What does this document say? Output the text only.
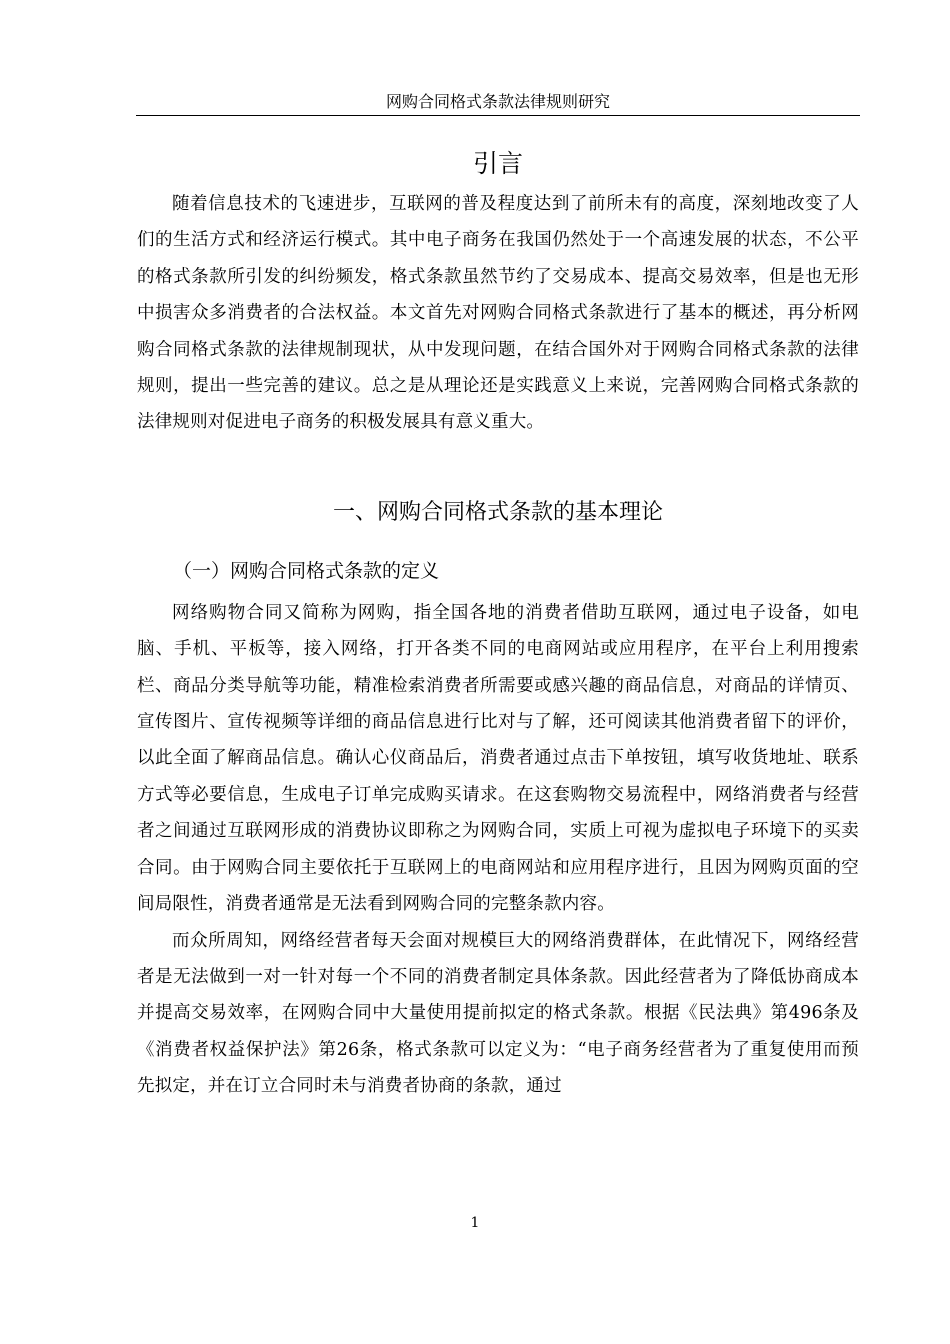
网购合同格式条款法律规则研究
引言

随着信息技术的飞速进步，互联网的普及程度达到了前所未有的高度，深刻地改变了人们的生活方式和经济运行模式。其中电子商务在我国仍然处于一个高速发展的状态，不公平的格式条款所引发的纠纷频发，格式条款虽然节约了交易成本、提高交易效率，但是也无形中损害众多消费者的合法权益。本文首先对网购合同格式条款进行了基本的概述，再分析网购合同格式条款的法律规制现状，从中发现问题，在结合国外对于网购合同格式条款的法律规则，提出一些完善的建议。总之是从理论还是实践意义上来说，完善网购合同格式条款的法律规则对促进电子商务的积极发展具有意义重大。

一、网购合同格式条款的基本理论
（一）网购合同格式条款的定义

网络购物合同又简称为网购，指全国各地的消费者借助互联网，通过电子设备，如电脑、手机、平板等，接入网络，打开各类不同的电商网站或应用程序，在平台上利用搜索栏、商品分类导航等功能，精准检索消费者所需要或感兴趣的商品信息，对商品的详情页、宣传图片、宣传视频等详细的商品信息进行比对与了解，还可阅读其他消费者留下的评价，以此全面了解商品信息。确认心仪商品后，消费者通过点击下单按钮，填写收货地址、联系方式等必要信息，生成电子订单完成购买请求。在这套购物交易流程中，网络消费者与经营者之间通过互联网形成的消费协议即称之为网购合同，实质上可视为虚拟电子环境下的买卖合同。由于网购合同主要依托于互联网上的电商网站和应用程序进行，且因为网购页面的空间局限性，消费者通常是无法看到网购合同的完整条款内容。

而众所周知，网络经营者每天会面对规模巨大的网络消费群体，在此情况下，网络经营者是无法做到一对一针对每一个不同的消费者制定具体条款。因此经营者为了降低协商成本并提高交易效率，在网购合同中大量使用提前拟定的格式条款。根据《民法典》第496条及《消费者权益保护法》第26条，格式条款可以定义为：“电子商务经营者为了重复使用而预先拟定，并在订立合同时未与消费者协商的条款，通过

1
